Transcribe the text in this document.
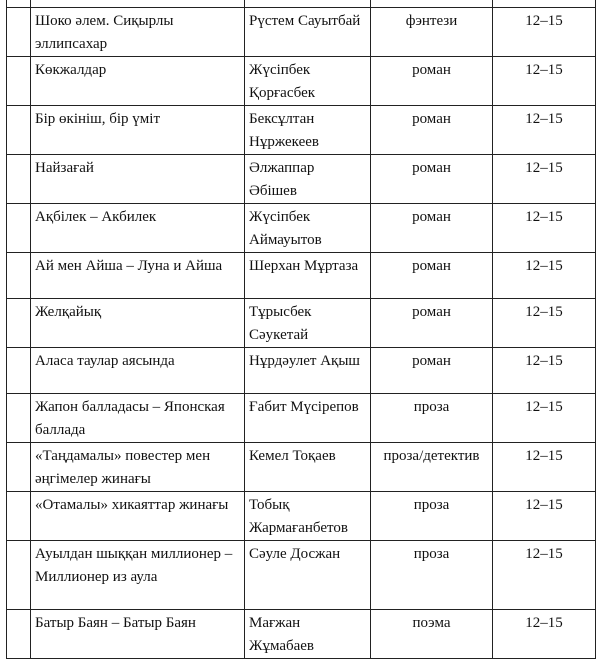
	Шоко әлем. Сиқырлы эллипсахар	Рүстем Сауытбай	фэнтези	12–15

	Көкжалдар	Жүсіпбек Қорғасбек	роман	12–15

	Бір өкініш, бір үміт	Бексұлтан Нұржекеев	роман	12–15

	Найзағай	Әлжаппар Әбішев	роман	12–15

	Ақбілек – Акбилек	Жүсіпбек Аймауытов	роман	12–15

	Ай мен Айша – Луна и Айша	Шерхан Мұртаза	роман	12–15

	Желқайық	Тұрысбек Сәукетай	роман	12–15

	Аласа таулар аясында	Нұрдәулет Ақыш	роман	12–15

	Жапон балладасы – Японская баллада	Ғабит Мүсірепов	проза	12–15

	«Таңдамалы» повестер мен әңгімелер жинағы	Кемел Тоқаев	проза/детектив	12–15

	«Отамалы» хикаяттар жинағы	Тобық Жармағанбетов	проза	12–15

	Ауылдан шыққан миллионер – Миллионер из аула	Сәуле Досжан	проза	12–15

	Батыр Баян – Батыр Баян	Мағжан Жұмабаев	поэма	12–15
